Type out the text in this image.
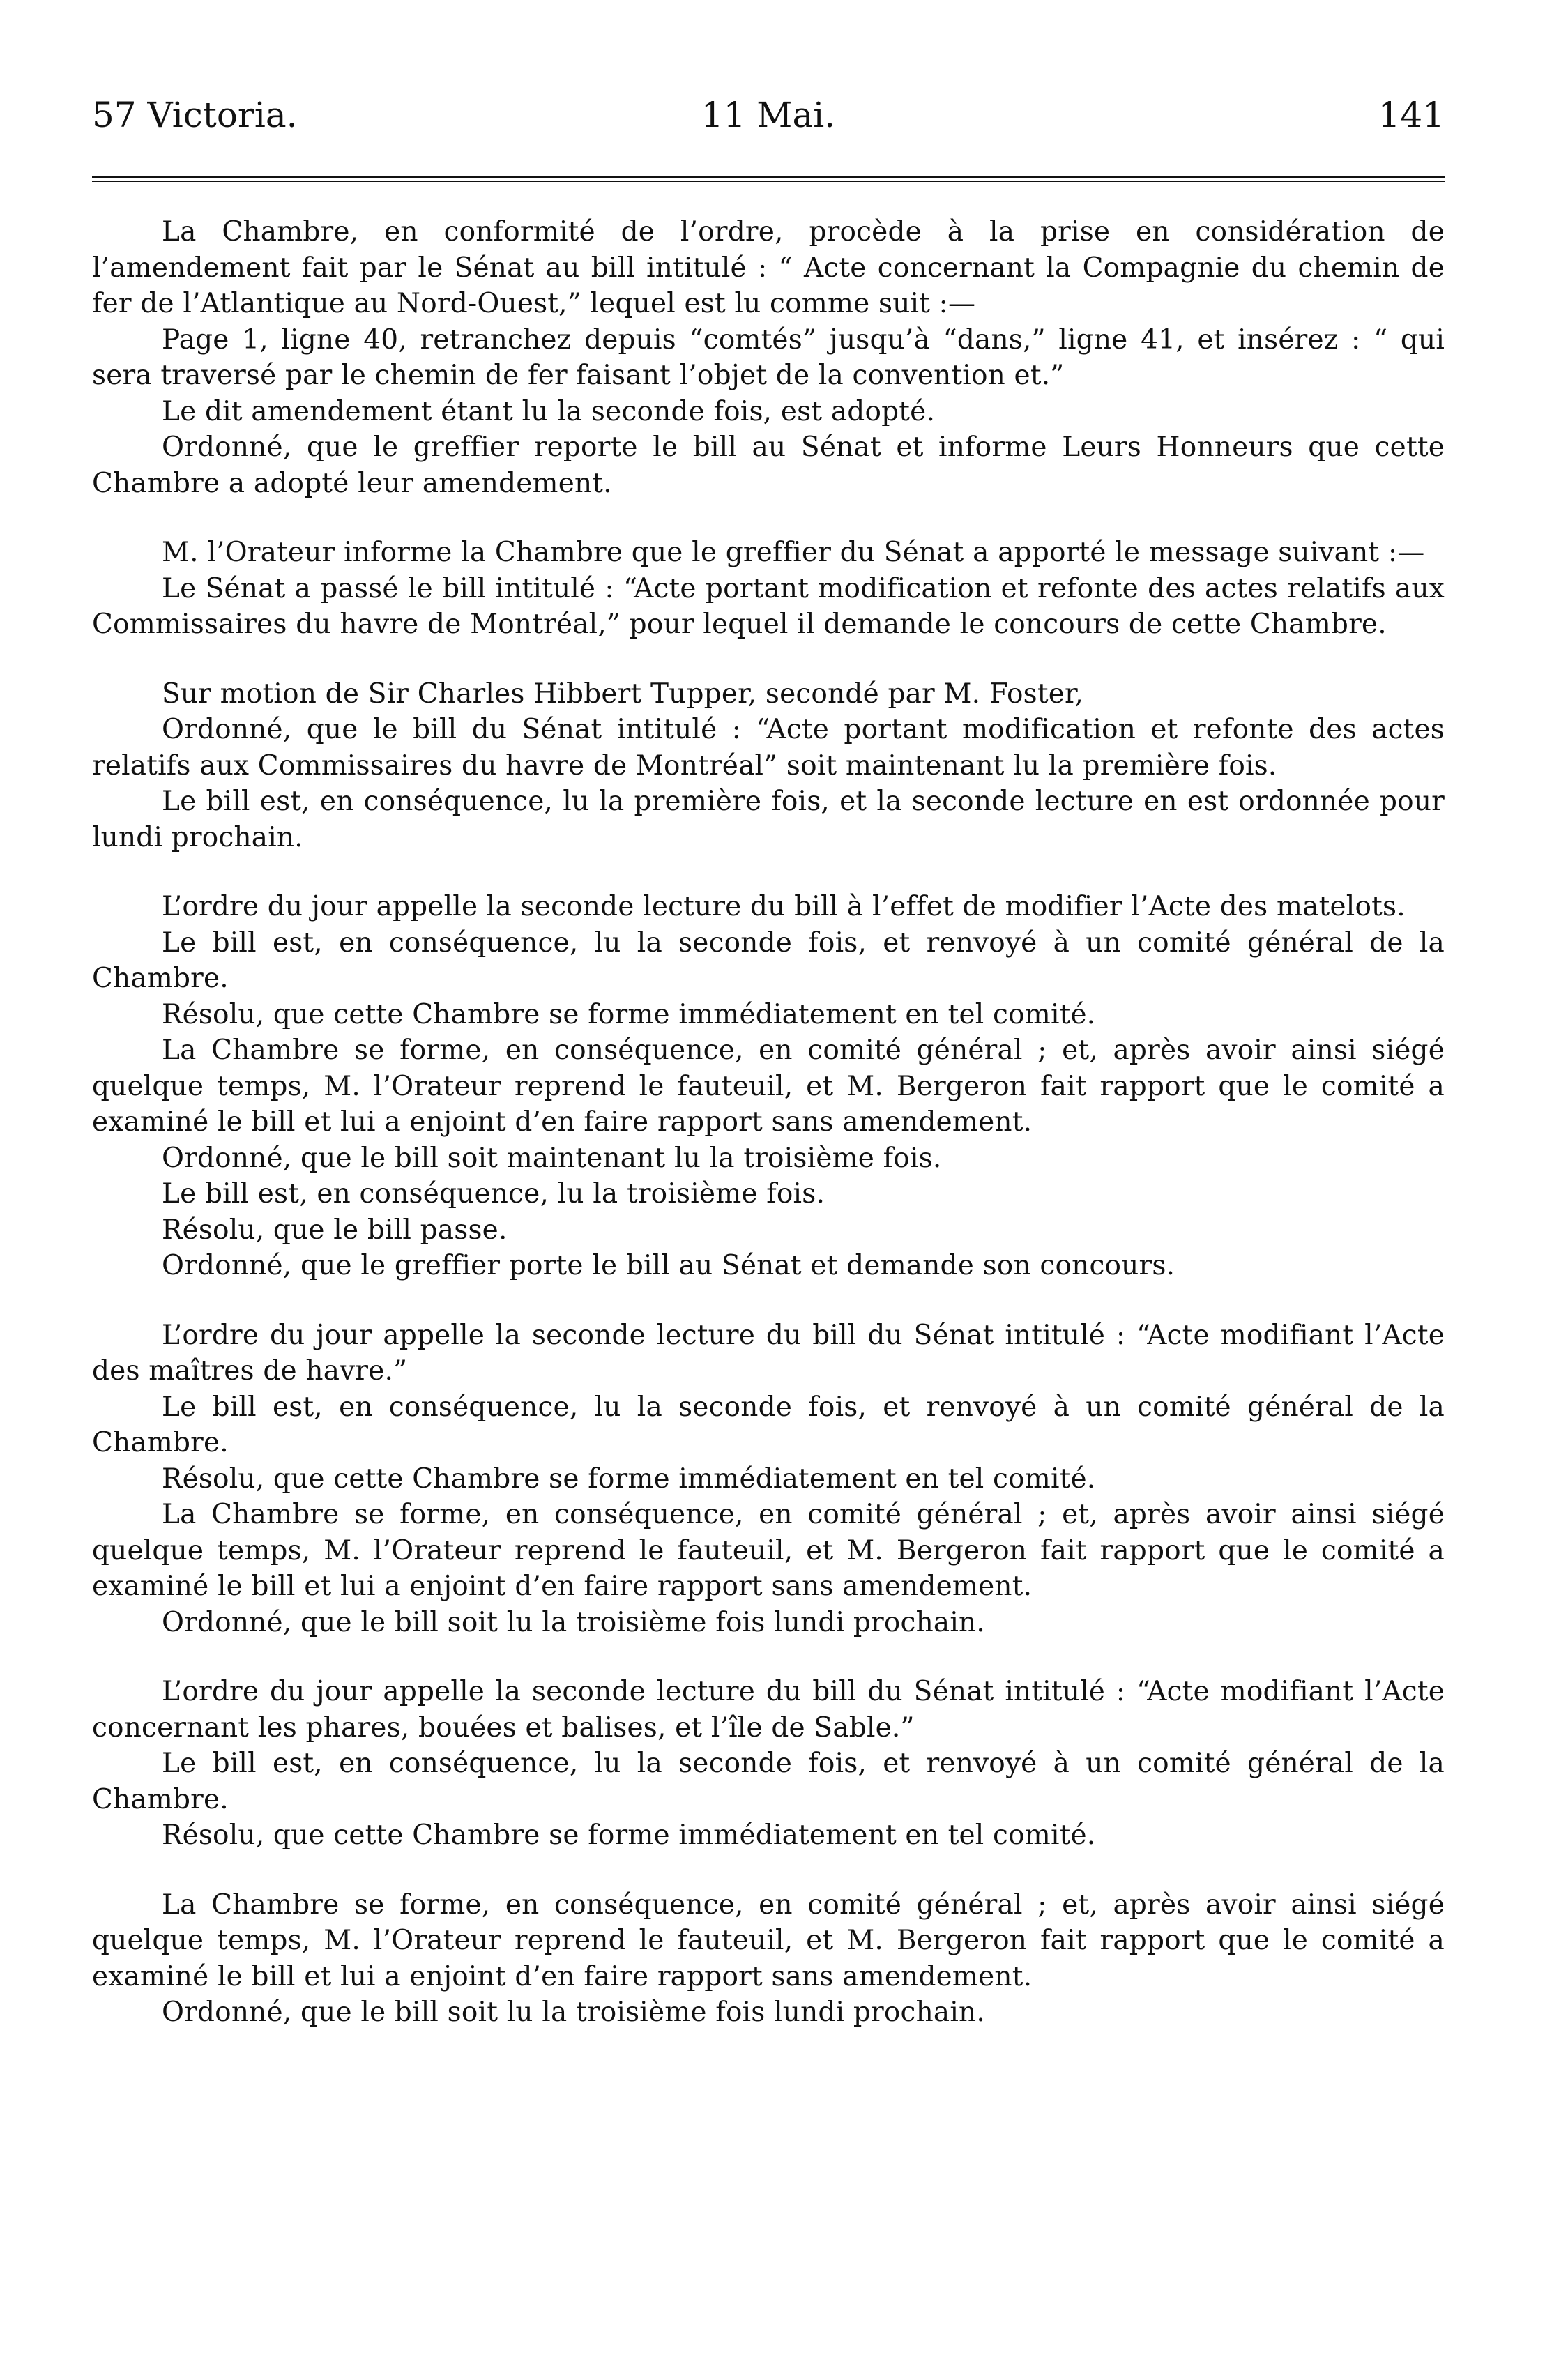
57 Victoria.	11 Mai.	141

La Chambre, en conformité de l’ordre, procède à la prise en considération de l’amendement fait par le Sénat au bill intitulé : “ Acte concernant la Compagnie du chemin de fer de l’Atlantique au Nord-Ouest,” lequel est lu comme suit :—

Page 1, ligne 40, retranchez depuis “comtés” jusqu’à “dans,” ligne 41, et insérez : “ qui sera traversé par le chemin de fer faisant l’objet de la convention et.”

Le dit amendement étant lu la seconde fois, est adopté.

Ordonné, que le greffier reporte le bill au Sénat et informe Leurs Honneurs que cette Chambre a adopté leur amendement.

M. l’Orateur informe la Chambre que le greffier du Sénat a apporté le message suivant :—

Le Sénat a passé le bill intitulé : “Acte portant modification et refonte des actes relatifs aux Commissaires du havre de Montréal,” pour lequel il demande le concours de cette Chambre.

Sur motion de Sir Charles Hibbert Tupper, secondé par M. Foster,

Ordonné, que le bill du Sénat intitulé : “Acte portant modification et refonte des actes relatifs aux Commissaires du havre de Montréal” soit maintenant lu la première fois.

Le bill est, en conséquence, lu la première fois, et la seconde lecture en est ordonnée pour lundi prochain.

L’ordre du jour appelle la seconde lecture du bill à l’effet de modifier l’Acte des matelots.

Le bill est, en conséquence, lu la seconde fois, et renvoyé à un comité général de la Chambre.

Résolu, que cette Chambre se forme immédiatement en tel comité.

La Chambre se forme, en conséquence, en comité général ; et, après avoir ainsi siégé quelque temps, M. l’Orateur reprend le fauteuil, et M. Bergeron fait rapport que le comité a examiné le bill et lui a enjoint d’en faire rapport sans amendement.

Ordonné, que le bill soit maintenant lu la troisième fois.

Le bill est, en conséquence, lu la troisième fois.

Résolu, que le bill passe.

Ordonné, que le greffier porte le bill au Sénat et demande son concours.

L’ordre du jour appelle la seconde lecture du bill du Sénat intitulé : “Acte modifiant l’Acte des maîtres de havre.”

Le bill est, en conséquence, lu la seconde fois, et renvoyé à un comité général de la Chambre.

Résolu, que cette Chambre se forme immédiatement en tel comité.

La Chambre se forme, en conséquence, en comité général ; et, après avoir ainsi siégé quelque temps, M. l’Orateur reprend le fauteuil, et M. Bergeron fait rapport que le comité a examiné le bill et lui a enjoint d’en faire rapport sans amendement.

Ordonné, que le bill soit lu la troisième fois lundi prochain.

L’ordre du jour appelle la seconde lecture du bill du Sénat intitulé : “Acte modifiant l’Acte concernant les phares, bouées et balises, et l’île de Sable.”

Le bill est, en conséquence, lu la seconde fois, et renvoyé à un comité général de la Chambre.

Résolu, que cette Chambre se forme immédiatement en tel comité.

La Chambre se forme, en conséquence, en comité général ; et, après avoir ainsi siégé quelque temps, M. l’Orateur reprend le fauteuil, et M. Bergeron fait rapport que le comité a examiné le bill et lui a enjoint d’en faire rapport sans amendement.

Ordonné, que le bill soit lu la troisième fois lundi prochain.
